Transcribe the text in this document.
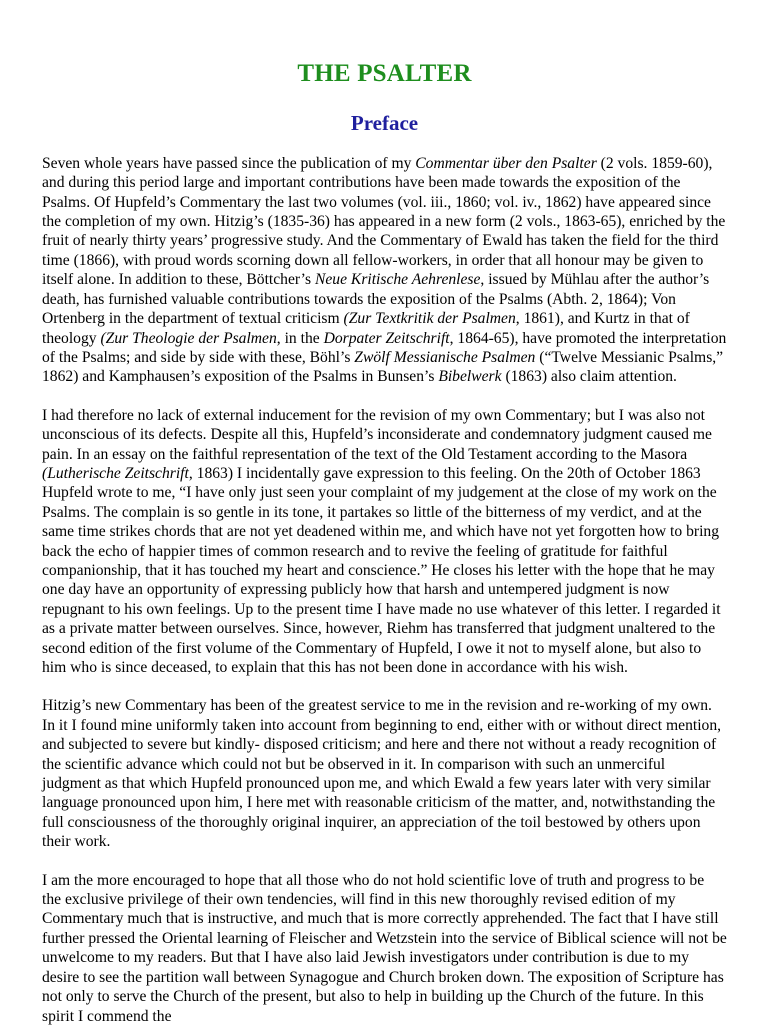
THE PSALTER
Preface

Seven whole years have passed since the publication of my Commentar über den Psalter (2 vols. 1859-60), and during this period large and important contributions have been made towards the exposition of the Psalms. Of Hupfeld’s Commentary the last two volumes (vol. iii., 1860; vol. iv., 1862) have appeared since the completion of my own. Hitzig’s (1835-36) has appeared in a new form (2 vols., 1863-65), enriched by the fruit of nearly thirty years’ progressive study. And the Commentary of Ewald has taken the field for the third time (1866), with proud words scorning down all fellow-workers, in order that all honour may be given to itself alone. In addition to these, Böttcher’s Neue Kritische Aehrenlese, issued by Mühlau after the author’s death, has furnished valuable contributions towards the exposition of the Psalms (Abth. 2, 1864); Von Ortenberg in the department of textual criticism (Zur Textkritik der Psalmen, 1861), and Kurtz in that of theology (Zur Theologie der Psalmen, in the Dorpater Zeitschrift, 1864-65), have promoted the interpretation of the Psalms; and side by side with these, Böhl’s Zwölf Messianische Psalmen (“Twelve Messianic Psalms,” 1862) and Kamphausen’s exposition of the Psalms in Bunsen’s Bibelwerk (1863) also claim attention.

I had therefore no lack of external inducement for the revision of my own Commentary; but I was also not unconscious of its defects. Despite all this, Hupfeld’s inconsiderate and condemnatory judgment caused me pain. In an essay on the faithful representation of the text of the Old Testament according to the Masora (Lutherische Zeitschrift, 1863) I incidentally gave expression to this feeling. On the 20th of October 1863 Hupfeld wrote to me, “I have only just seen your complaint of my judgement at the close of my work on the Psalms. The complain is so gentle in its tone, it partakes so little of the bitterness of my verdict, and at the same time strikes chords that are not yet deadened within me, and which have not yet forgotten how to bring back the echo of happier times of common research and to revive the feeling of gratitude for faithful companionship, that it has touched my heart and conscience.” He closes his letter with the hope that he may one day have an opportunity of expressing publicly how that harsh and untempered judgment is now repugnant to his own feelings. Up to the present time I have made no use whatever of this letter. I regarded it as a private matter between ourselves. Since, however, Riehm has transferred that judgment unaltered to the second edition of the first volume of the Commentary of Hupfeld, I owe it not to myself alone, but also to him who is since deceased, to explain that this has not been done in accordance with his wish.

Hitzig’s new Commentary has been of the greatest service to me in the revision and re-working of my own. In it I found mine uniformly taken into account from beginning to end, either with or without direct mention, and subjected to severe but kindly- disposed criticism; and here and there not without a ready recognition of the scientific advance which could not but be observed in it. In comparison with such an unmerciful judgment as that which Hupfeld pronounced upon me, and which Ewald a few years later with very similar language pronounced upon him, I here met with reasonable criticism of the matter, and, notwithstanding the full consciousness of the thoroughly original inquirer, an appreciation of the toil bestowed by others upon their work.

I am the more encouraged to hope that all those who do not hold scientific love of truth and progress to be the exclusive privilege of their own tendencies, will find in this new thoroughly revised edition of my Commentary much that is instructive, and much that is more correctly apprehended. The fact that I have still further pressed the Oriental learning of Fleischer and Wetzstein into the service of Biblical science will not be unwelcome to my readers. But that I have also laid Jewish investigators under contribution is due to my desire to see the partition wall between Synagogue and Church broken down. The exposition of Scripture has not only to serve the Church of the present, but also to help in building up the Church of the future. In this spirit I commend the
